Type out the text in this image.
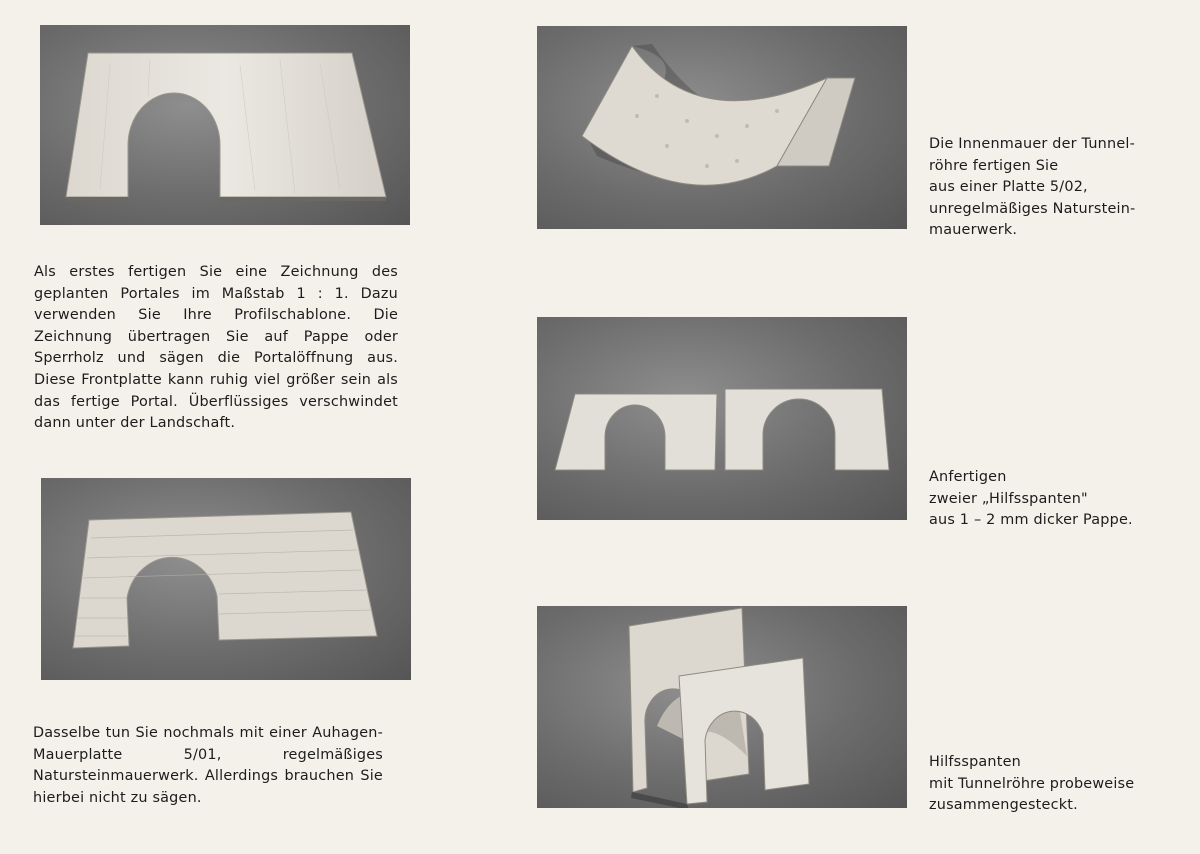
Als erstes fertigen Sie eine Zeichnung des geplanten Portales im Maßstab 1 : 1. Dazu verwenden Sie Ihre Profilschablone. Die Zeichnung übertragen Sie auf Pappe oder Sperrholz und sägen die Portalöffnung aus. Diese Frontplatte kann ruhig viel größer sein als das fertige Portal. Überflüssiges verschwindet dann unter der Landschaft.

Dasselbe tun Sie nochmals mit einer Auhagen-Mauerplatte 5/01, regelmäßiges Natursteinmauerwerk. Allerdings brauchen Sie hierbei nicht zu sägen.

Die Innenmauer der Tunnel-
röhre fertigen Sie
aus einer Platte 5/02,
unregelmäßiges Naturstein-
mauerwerk.
Anfertigen
zweier „Hilfsspanten"
aus 1 – 2 mm dicker Pappe.
Hilfsspanten
mit Tunnelröhre probeweise
zusammengesteckt.
